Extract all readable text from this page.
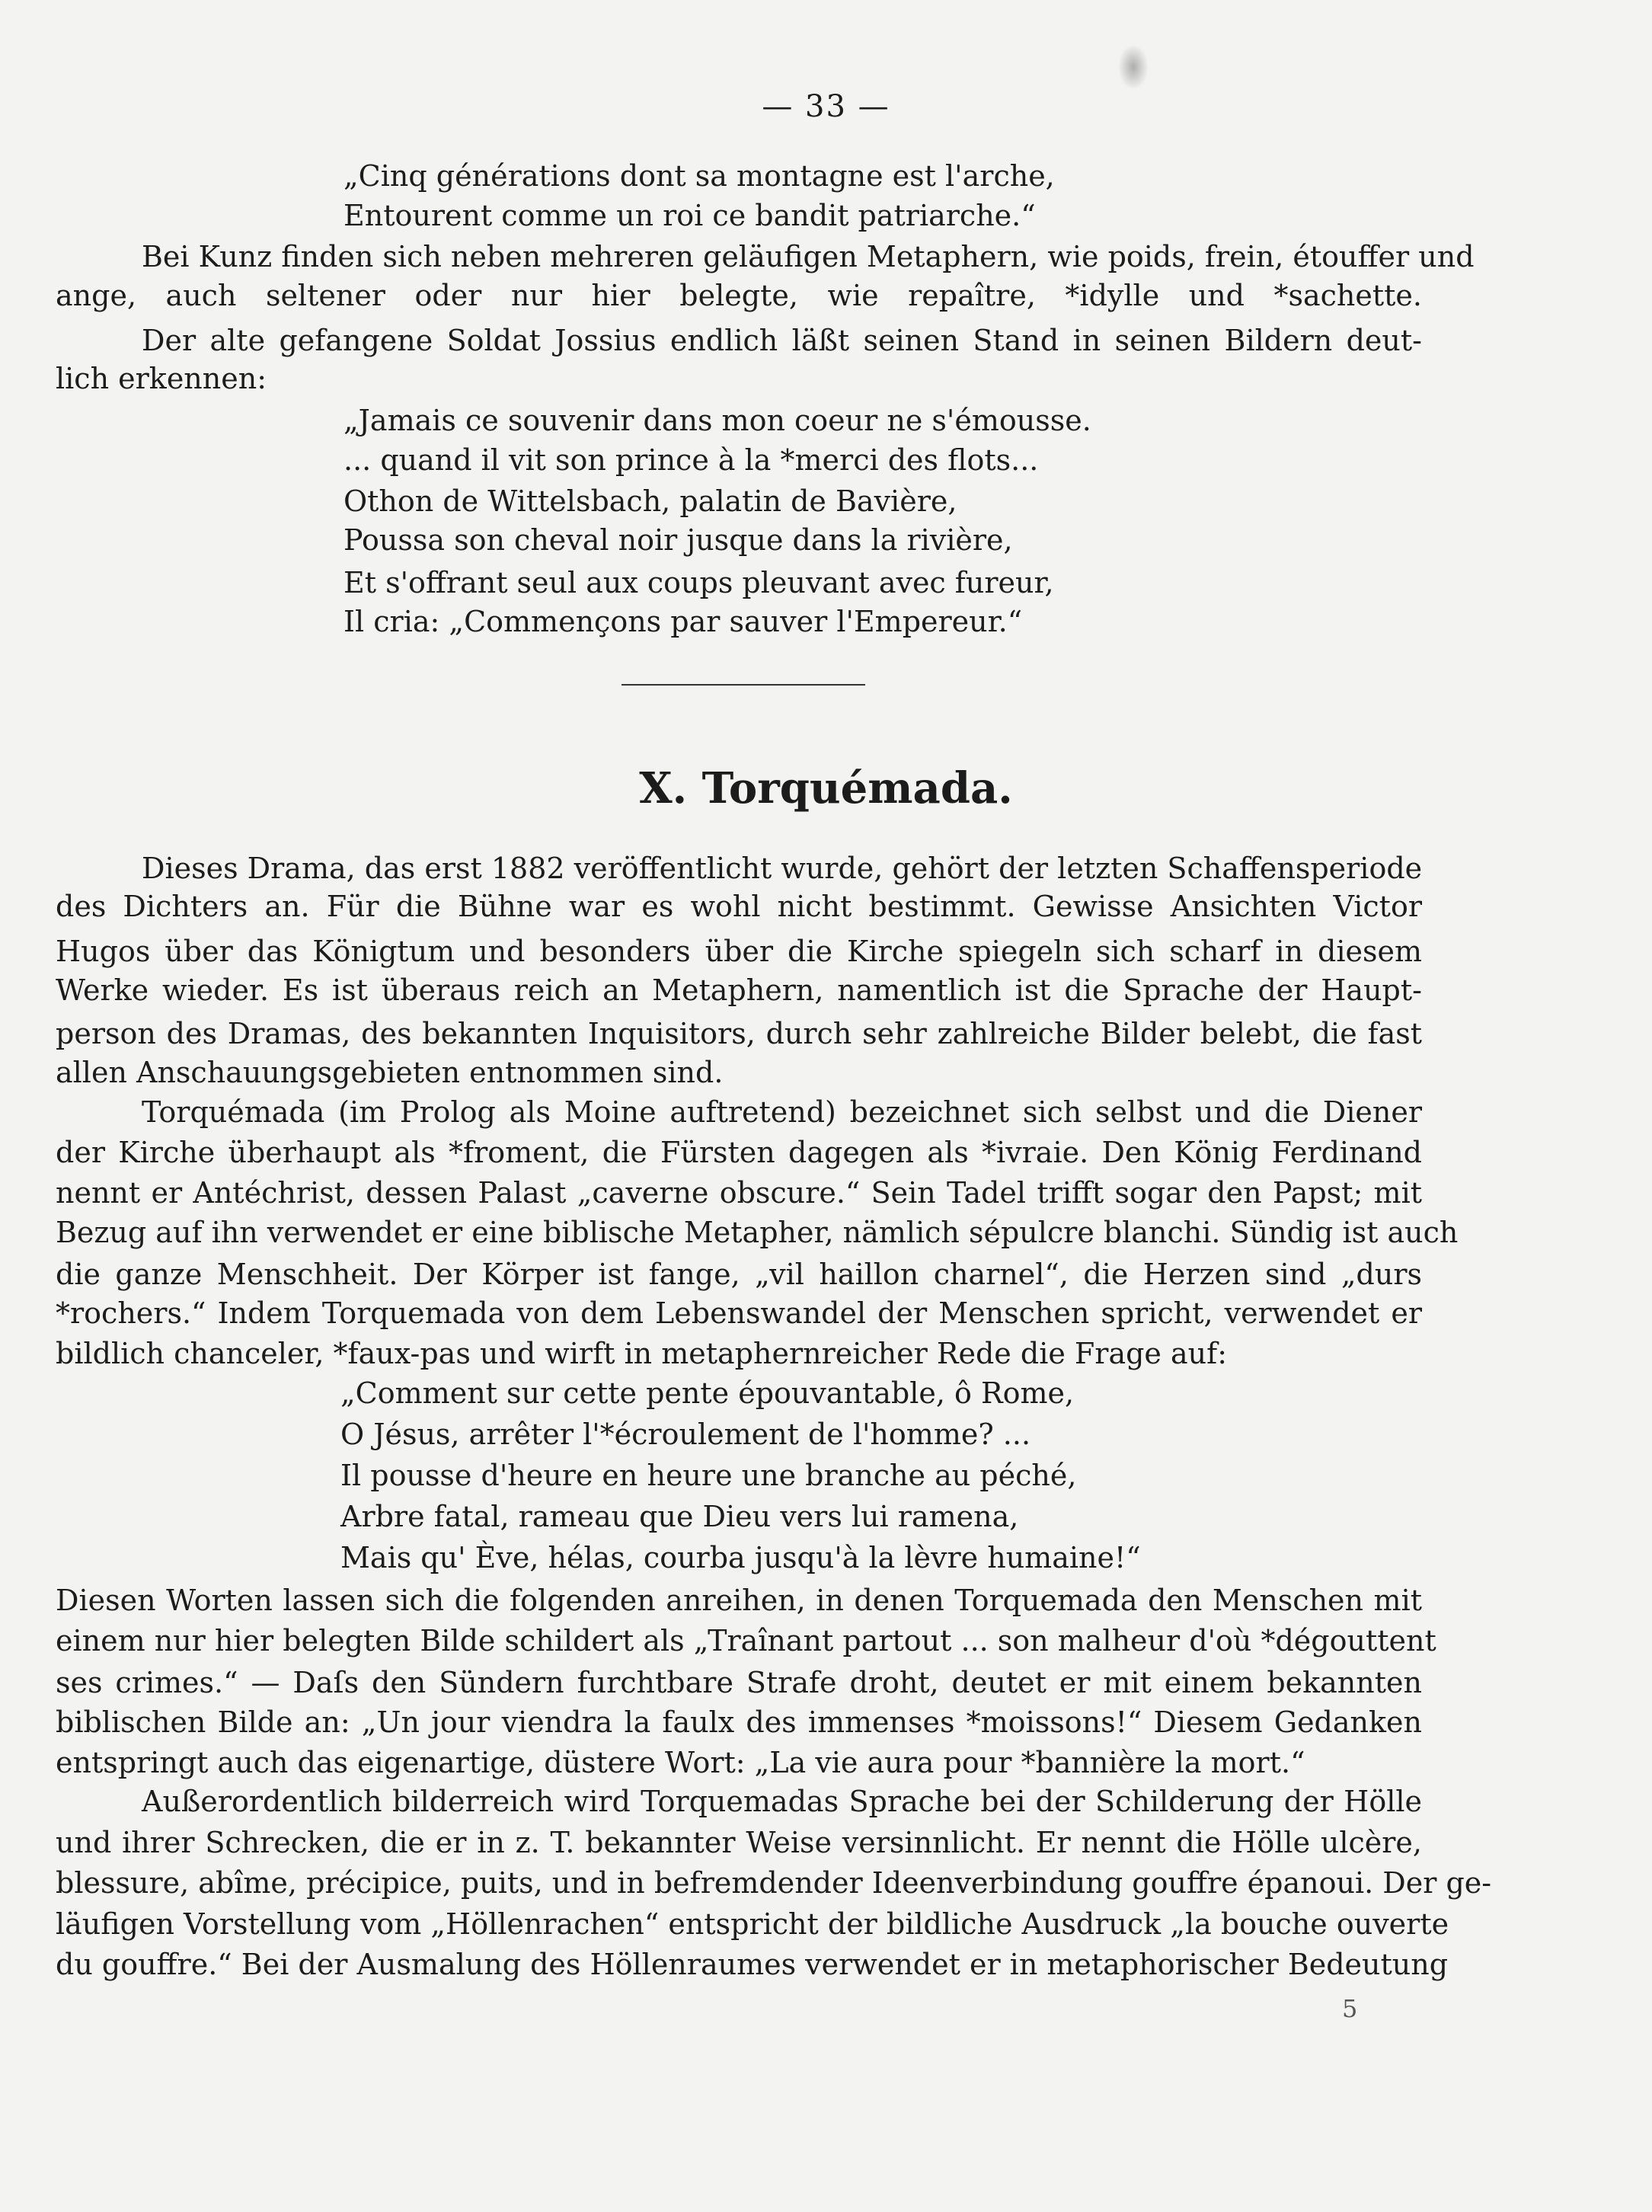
— 33 —
„Cinq générations dont sa montagne est l'arche,
Entourent comme un roi ce bandit patriarche.“
Bei Kunz finden sich neben mehreren geläufigen Metaphern, wie poids, frein, étouffer und
ange, auch seltener oder nur hier belegte, wie repaître, *idylle und *sachette.
Der alte gefangene Soldat Jossius endlich läßt seinen Stand in seinen Bildern deut-
lich erkennen:
„Jamais ce souvenir dans mon coeur ne s'émousse.
... quand il vit son prince à la *merci des flots...
Othon de Wittelsbach, palatin de Bavière,
Poussa son cheval noir jusque dans la rivière,
Et s'offrant seul aux coups pleuvant avec fureur,
Il cria: „Commençons par sauver l'Empereur.“
X. Torquémada.
Dieses Drama, das erst 1882 veröffentlicht wurde, gehört der letzten Schaffensperiode
des Dichters an. Für die Bühne war es wohl nicht bestimmt. Gewisse Ansichten Victor
Hugos über das Königtum und besonders über die Kirche spiegeln sich scharf in diesem
Werke wieder. Es ist überaus reich an Metaphern, namentlich ist die Sprache der Haupt-
person des Dramas, des bekannten Inquisitors, durch sehr zahlreiche Bilder belebt, die fast
allen Anschauungsgebieten entnommen sind.
Torquémada (im Prolog als Moine auftretend) bezeichnet sich selbst und die Diener
der Kirche überhaupt als *froment, die Fürsten dagegen als *ivraie. Den König Ferdinand
nennt er Antéchrist, dessen Palast „caverne obscure.“ Sein Tadel trifft sogar den Papst; mit
Bezug auf ihn verwendet er eine biblische Metapher, nämlich sépulcre blanchi. Sündig ist auch
die ganze Menschheit. Der Körper ist fange, „vil haillon charnel“, die Herzen sind „durs
*rochers.“ Indem Torquemada von dem Lebenswandel der Menschen spricht, verwendet er
bildlich chanceler, *faux-pas und wirft in metaphernreicher Rede die Frage auf:
„Comment sur cette pente épouvantable, ô Rome,
O Jésus, arrêter l'*écroulement de l'homme? ...
Il pousse d'heure en heure une branche au péché,
Arbre fatal, rameau que Dieu vers lui ramena,
Mais qu' Ève, hélas, courba jusqu'à la lèvre humaine!“
Diesen Worten lassen sich die folgenden anreihen, in denen Torquemada den Menschen mit
einem nur hier belegten Bilde schildert als „Traînant partout ... son malheur d'où *dégouttent
ses crimes.“ — Daſs den Sündern furchtbare Strafe droht, deutet er mit einem bekannten
biblischen Bilde an: „Un jour viendra la faulx des immenses *moissons!“ Diesem Gedanken
entspringt auch das eigenartige, düstere Wort: „La vie aura pour *bannière la mort.“
Außerordentlich bilderreich wird Torquemadas Sprache bei der Schilderung der Hölle
und ihrer Schrecken, die er in z. T. bekannter Weise versinnlicht. Er nennt die Hölle ulcère,
blessure, abîme, précipice, puits, und in befremdender Ideenverbindung gouffre épanoui. Der ge-
läufigen Vorstellung vom „Höllenrachen“ entspricht der bildliche Ausdruck „la bouche ouverte
du gouffre.“ Bei der Ausmalung des Höllenraumes verwendet er in metaphorischer Bedeutung
5
